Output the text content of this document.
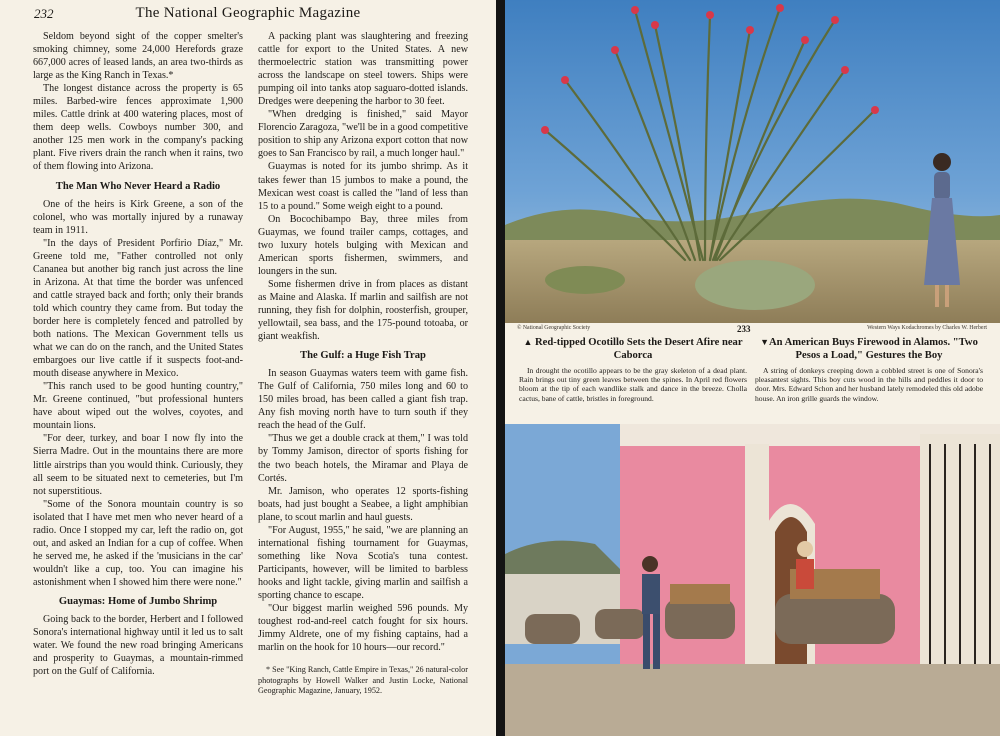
232	The National Geographic Magazine

Seldom beyond sight of the copper smelter's smoking chimney, some 24,000 Herefords graze 667,000 acres of leased lands, an area two-thirds as large as the King Ranch in Texas.*

The longest distance across the property is 65 miles. Barbed-wire fences approximate 1,900 miles. Cattle drink at 400 watering places, most of them deep wells. Cowboys number 300, and another 125 men work in the company's packing plant. Five rivers drain the ranch when it rains, two of them flowing into Arizona.

The Man Who Never Heard a Radio

One of the heirs is Kirk Greene, a son of the colonel, who was mortally injured by a runaway team in 1911.

"In the days of President Porfirio Díaz," Mr. Greene told me, "Father controlled not only Cananea but another big ranch just across the line in Arizona. At that time the border was unfenced and cattle strayed back and forth; only their brands told which country they came from. But today the border here is completely fenced and patrolled by both nations. The Mexican Government tells us what we can do on the ranch, and the United States embargoes our live cattle if it suspects foot-and-mouth disease anywhere in Mexico.

"This ranch used to be good hunting country," Mr. Greene continued, "but professional hunters have about wiped out the wolves, coyotes, and mountain lions.

"For deer, turkey, and boar I now fly into the Sierra Madre. Out in the mountains there are more little airstrips than you would think. Curiously, they all seem to be situated next to cemeteries, but I'm not superstitious.

"Some of the Sonora mountain country is so isolated that I have met men who never heard of a radio. Once I stopped my car, left the radio on, got out, and asked an Indian for a cup of coffee. When he served me, he asked if the 'musicians in the car' wouldn't like a cup, too. You can imagine his astonishment when I showed him there were none."

Guaymas: Home of Jumbo Shrimp

Going back to the border, Herbert and I followed Sonora's international highway until it led us to salt water. We found the new road bringing Americans and prosperity to Guaymas, a mountain-rimmed port on the Gulf of California.

A packing plant was slaughtering and freezing cattle for export to the United States. A new thermoelectric station was transmitting power across the landscape on steel towers. Ships were pumping oil into tanks atop saguaro-dotted islands. Dredges were deepening the harbor to 30 feet.

"When dredging is finished," said Mayor Florencio Zaragoza, "we'll be in a good competitive position to ship any Arizona export cotton that now goes to San Francisco by rail, a much longer haul."

Guaymas is noted for its jumbo shrimp. As it takes fewer than 15 jumbos to make a pound, the Mexican west coast is called the "land of less than 15 to a pound." Some weigh eight to a pound.

On Bocochibampo Bay, three miles from Guaymas, we found trailer camps, cottages, and two luxury hotels bulging with Mexican and American sports fishermen, swimmers, and loungers in the sun.

Some fishermen drive in from places as distant as Maine and Alaska. If marlin and sailfish are not running, they fish for dolphin, roosterfish, grouper, yellowtail, sea bass, and the 175-pound totoaba, or giant weakfish.

The Gulf: a Huge Fish Trap

In season Guaymas waters teem with game fish. The Gulf of California, 750 miles long and 60 to 150 miles broad, has been called a giant fish trap. Any fish moving north have to turn south if they reach the head of the Gulf.

"Thus we get a double crack at them," I was told by Tommy Jamison, director of sports fishing for the two beach hotels, the Miramar and Playa de Cortés.

Mr. Jamison, who operates 12 sports-fishing boats, had just bought a Seabee, a light amphibian plane, to scout marlin and haul guests.

"For August, 1955," he said, "we are planning an international fishing tournament for Guaymas, something like Nova Scotia's tuna contest. Participants, however, will be limited to barbless hooks and light tackle, giving marlin and sailfish a sporting chance to escape.

"Our biggest marlin weighed 596 pounds. My toughest rod-and-reel catch fought for six hours. Jimmy Aldrete, one of my fishing captains, had a marlin on the hook for 10 hours—our record."

* See "King Ranch, Cattle Empire in Texas," 26 natural-color photographs by Howell Walker and Justin Locke, National Geographic Magazine, January, 1952.

© National Geographic Society	233	Western Ways Kodachromes by Charles W. Herbert
▲ Red-tipped Ocotillo Sets the Desert Afire near Caborca
In drought the ocotillo appears to be the gray skeleton of a dead plant. Rain brings out tiny green leaves between the spines. In April red flowers bloom at the tip of each wandlike stalk and dance in the breeze. Cholla cactus, bane of cattle, bristles in foreground.
▼An American Buys Firewood in Alamos. "Two Pesos a Load," Gestures the Boy
A string of donkeys creeping down a cobbled street is one of Sonora's pleasantest sights. This boy cuts wood in the hills and peddles it door to door. Mrs. Edward Schon and her husband lately remodeled this old adobe house. An iron grille guards the window.
